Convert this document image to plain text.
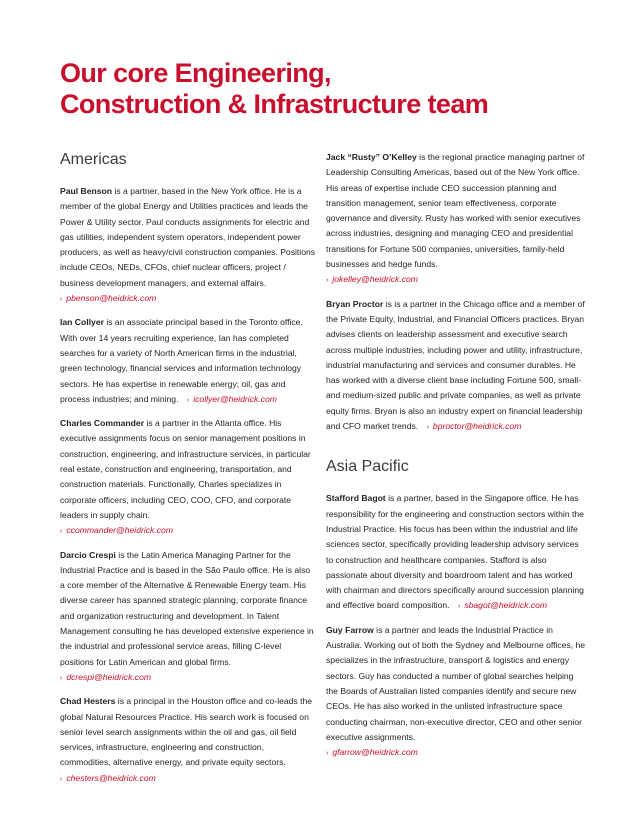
Our core Engineering,
Construction & Infrastructure team
Americas

Paul Benson is a partner, based in the New York office. He is a member of the global Energy and Utilities practices and leads the Power & Utility sector. Paul conducts assignments for electric and gas utilities, independent system operators, independent power producers, as well as heavy/civil construction companies. Positions include CEOs, NEDs, CFOs, chief nuclear officers, project / business development managers, and external affairs.
› pbenson@heidrick.com

Ian Collyer is an associate principal based in the Toronto office. With over 14 years recruiting experience, Ian has completed searches for a variety of North American firms in the industrial, green technology, financial services and information technology sectors. He has expertise in renewable energy; oil, gas and process industries; and mining. › icollyer@heidrick.com

Charles Commander is a partner in the Atlanta office. His executive assignments focus on senior management positions in construction, engineering, and infrastructure services, in particular real estate, construction and engineering, transportation, and construction materials. Functionally, Charles specializes in corporate officers, including CEO, COO, CFO, and corporate leaders in supply chain.
› ccommander@heidrick.com

Darcio Crespi is the Latin America Managing Partner for the Industrial Practice and is based in the São Paulo office. He is also a core member of the Alternative & Renewable Energy team. His diverse career has spanned strategic planning, corporate finance and organization restructuring and development. In Talent Management consulting he has developed extensive experience in the industrial and professional service areas, filling C-level positions for Latin American and global firms.
› dcrespi@heidrick.com

Chad Hesters is a principal in the Houston office and co-leads the global Natural Resources Practice. His search work is focused on senior level search assignments within the oil and gas, oil field services, infrastructure, engineering and construction, commodities, alternative energy, and private equity sectors.
› chesters@heidrick.com

Jack “Rusty” O’Kelley is the regional practice managing partner of Leadership Consulting Americas, based out of the New York office. His areas of expertise include CEO succession planning and transition management, senior team effectiveness, corporate governance and diversity. Rusty has worked with senior executives across industries, designing and managing CEO and presidential transitions for Fortune 500 companies, universities, family-held businesses and hedge funds.
› jokelley@heidrick.com

Bryan Proctor is is a partner in the Chicago office and a member of the Private Equity, Industrial, and Financial Officers practices. Bryan advises clients on leadership assessment and executive search across multiple industries, including power and utility, infrastructure, industrial manufacturing and services and consumer durables. He has worked with a diverse client base including Fortune 500, small- and medium-sized public and private companies, as well as private equity firms. Bryan is also an industry expert on financial leadership and CFO market trends. › bproctor@heidrick.com

Asia Pacific

Stafford Bagot is a partner, based in the Singapore office. He has responsibility for the engineering and construction sectors within the Industrial Practice. His focus has been within the industrial and life sciences sector, specifically providing leadership advisory services to construction and healthcare companies. Stafford is also passionate about diversity and boardroom talent and has worked with chairman and directors specifically around succession planning and effective board composition. › sbagot@heidrick.com

Guy Farrow is a partner and leads the Industrial Practice in Australia. Working out of both the Sydney and Melbourne offices, he specializes in the infrastructure, transport & logistics and energy sectors. Guy has conducted a number of global searches helping the Boards of Australian listed companies identify and secure new CEOs. He has also worked in the unlisted infrastructure space conducting chairman, non-executive director, CEO and other senior executive assignments.
› gfarrow@heidrick.com
